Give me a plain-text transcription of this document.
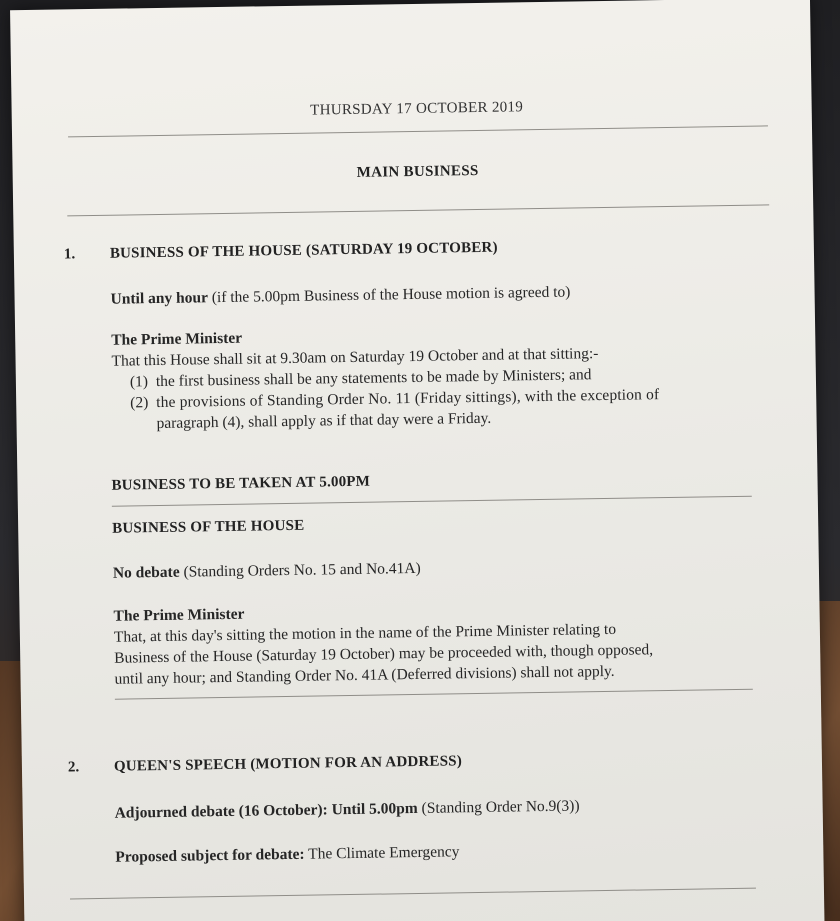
THURSDAY 17 OCTOBER 2019
MAIN BUSINESS
1. BUSINESS OF THE HOUSE (SATURDAY 19 OCTOBER)
Until any hour (if the 5.00pm Business of the House motion is agreed to)
The Prime Minister
That this House shall sit at 9.30am on Saturday 19 October and at that sitting:-
(1) the first business shall be any statements to be made by Ministers; and
(2) the provisions of Standing Order No. 11 (Friday sittings), with the exception of
paragraph (4), shall apply as if that day were a Friday.
BUSINESS TO BE TAKEN AT 5.00PM
BUSINESS OF THE HOUSE
No debate (Standing Orders No. 15 and No.41A)
The Prime Minister
That, at this day's sitting the motion in the name of the Prime Minister relating to
Business of the House (Saturday 19 October) may be proceeded with, though opposed,
until any hour; and Standing Order No. 41A (Deferred divisions) shall not apply.
2. QUEEN'S SPEECH (MOTION FOR AN ADDRESS)
Adjourned debate (16 October): Until 5.00pm (Standing Order No.9(3))
Proposed subject for debate: The Climate Emergency
